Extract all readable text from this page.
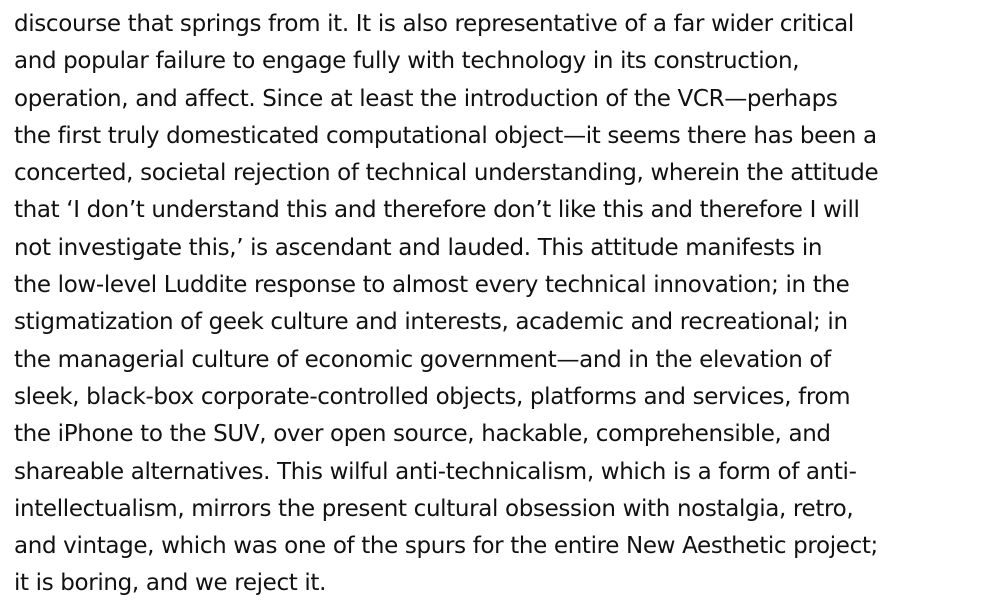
discourse that springs from it. It is also representative of a far wider critical
and popular failure to engage fully with technology in its construction,
operation, and affect. Since at least the introduction of the VCR—perhaps
the first truly domesticated computational object—it seems there has been a
concerted, societal rejection of technical understanding, wherein the attitude
that ‘I don’t understand this and therefore don’t like this and therefore I will
not investigate this,’ is ascendant and lauded. This attitude manifests in
the low-level Luddite response to almost every technical innovation; in the
stigmatization of geek culture and interests, academic and recreational; in
the managerial culture of economic government—and in the elevation of
sleek, black-box corporate-controlled objects, platforms and services, from
the iPhone to the SUV, over open source, hackable, comprehensible, and
shareable alternatives. This wilful anti-technicalism, which is a form of anti-
intellectualism, mirrors the present cultural obsession with nostalgia, retro,
and vintage, which was one of the spurs for the entire New Aesthetic project;
it is boring, and we reject it.
